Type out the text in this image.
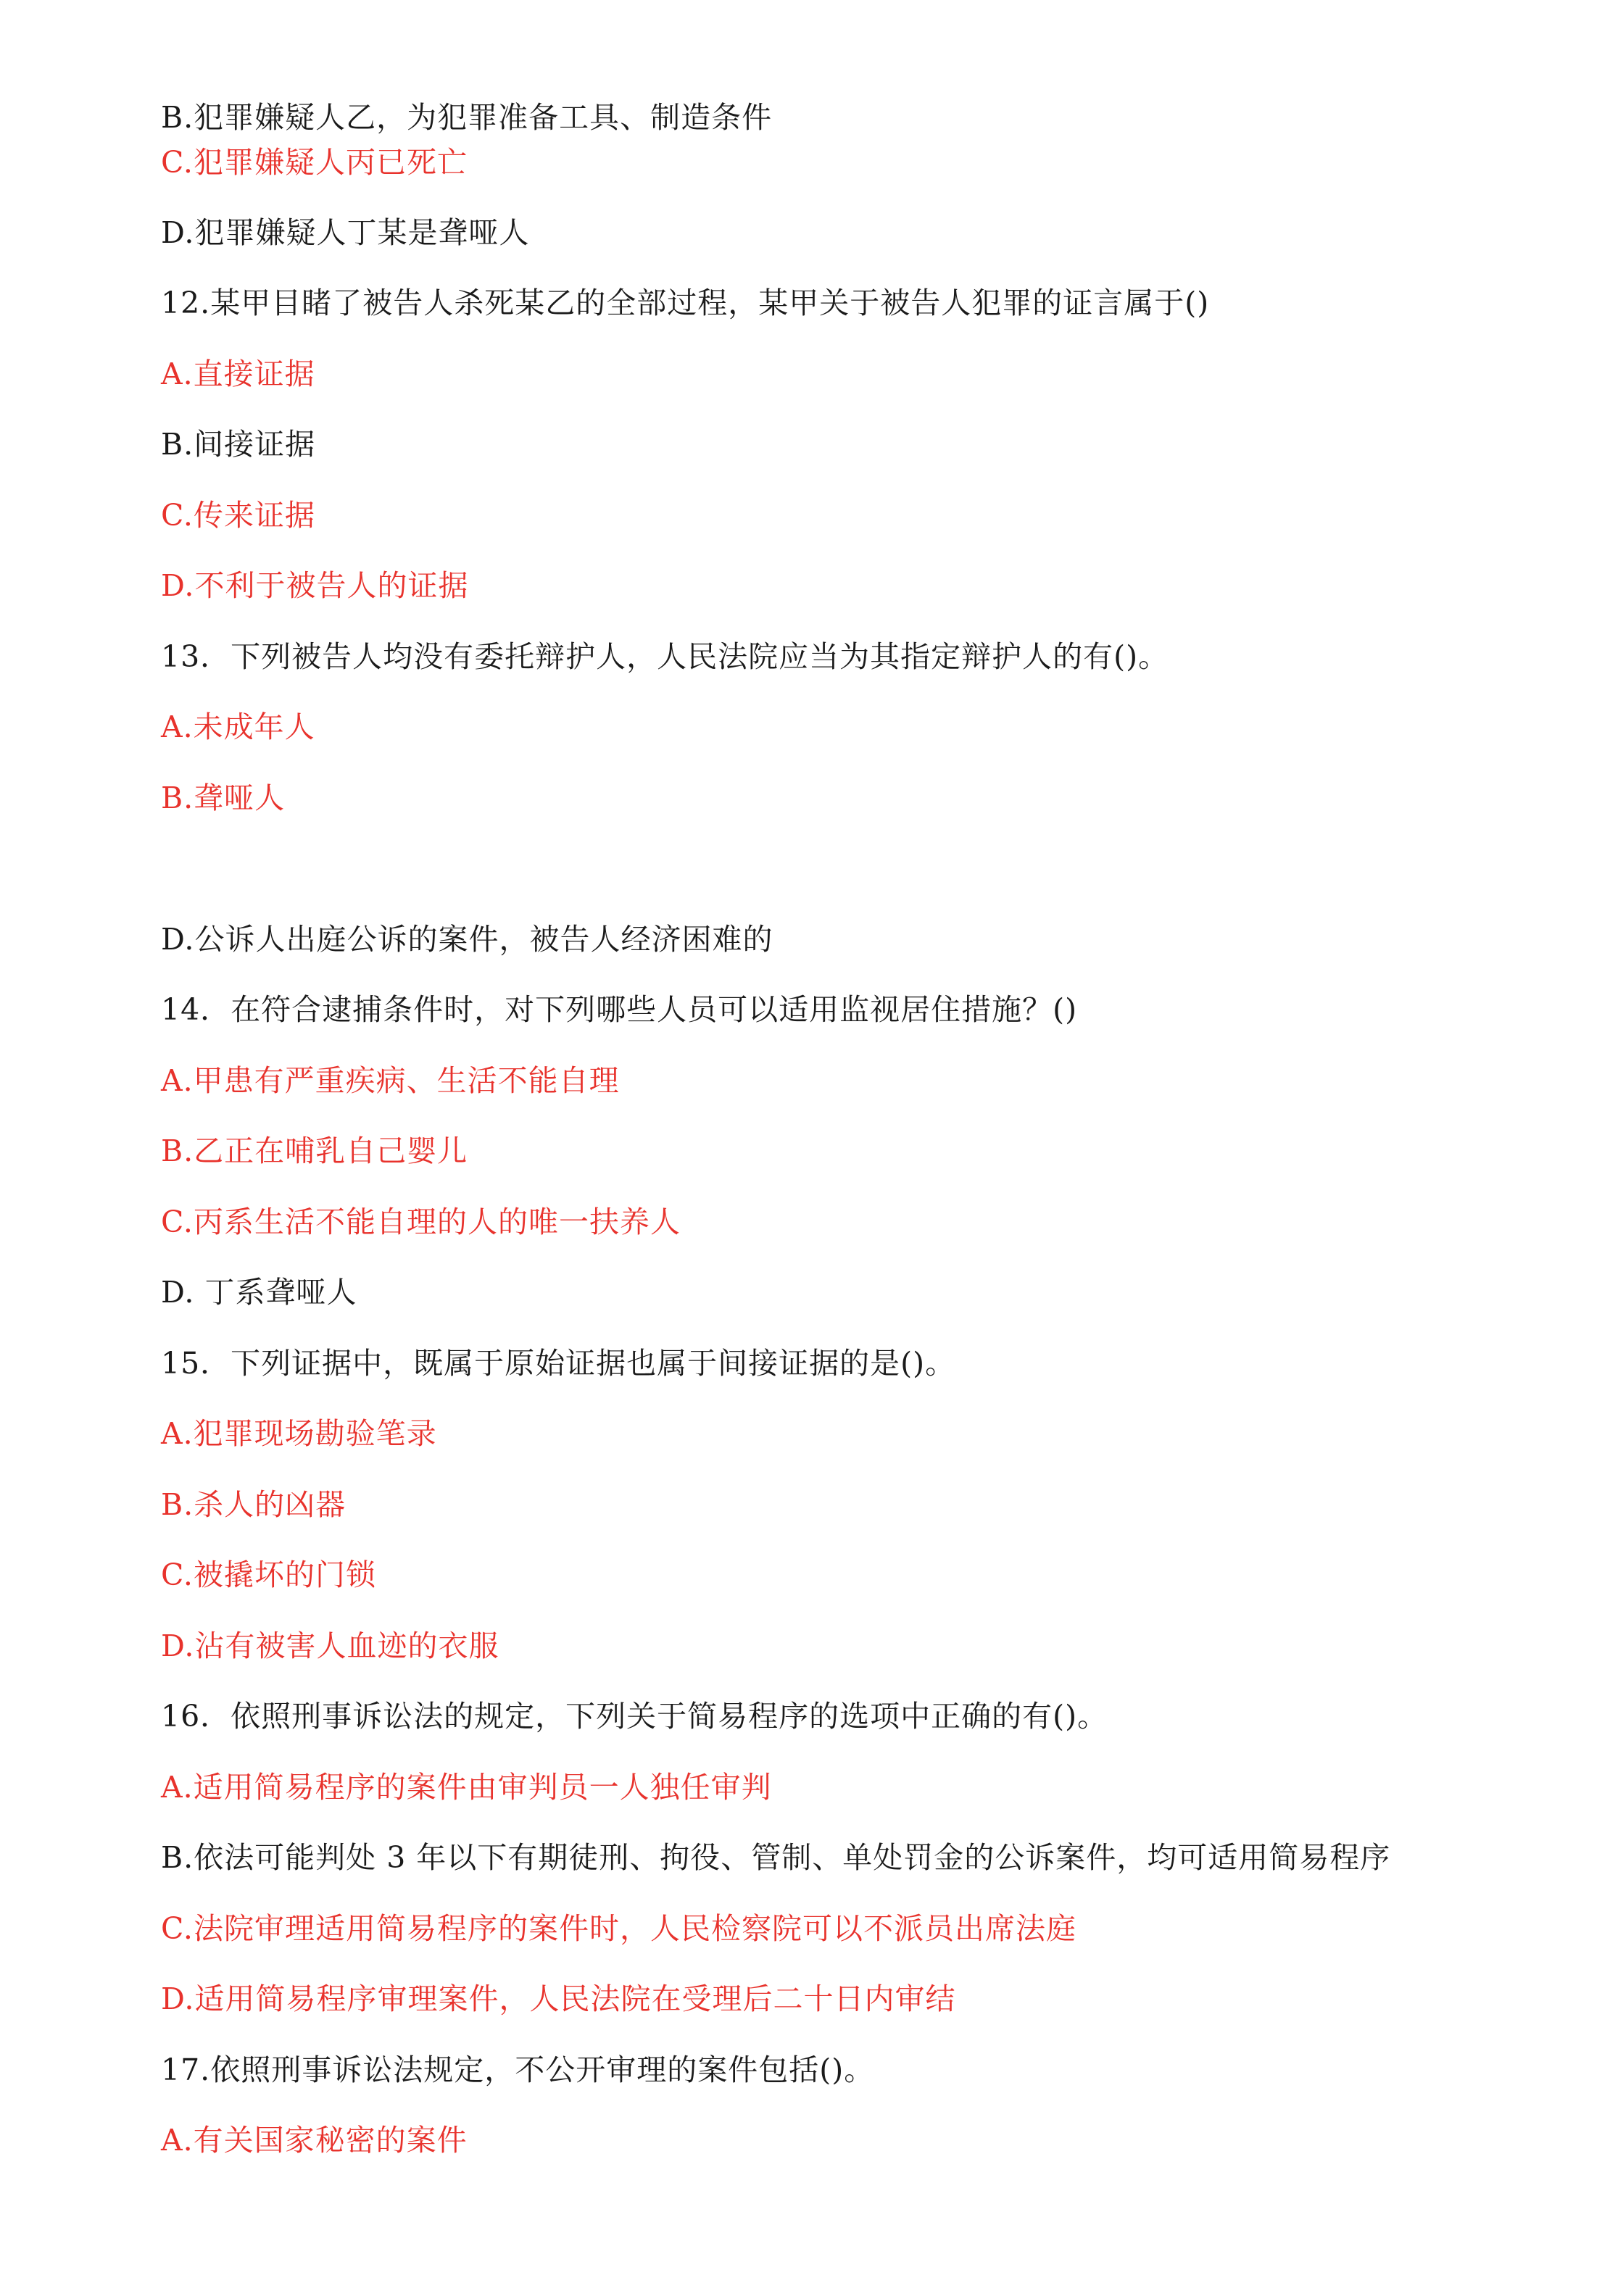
B.犯罪嫌疑人乙，为犯罪准备工具、制造条件
C.犯罪嫌疑人丙已死亡
D.犯罪嫌疑人丁某是聋哑人
12.某甲目睹了被告人杀死某乙的全部过程，某甲关于被告人犯罪的证言属于()
A.直接证据
B.间接证据
C.传来证据
D.不利于被告人的证据
13．下列被告人均没有委托辩护人，人民法院应当为其指定辩护人的有()。
A.未成年人
B.聋哑人
D.公诉人出庭公诉的案件，被告人经济困难的
14．在符合逮捕条件时，对下列哪些人员可以适用监视居住措施？()
A.甲患有严重疾病、生活不能自理
B.乙正在哺乳自己婴儿
C.丙系生活不能自理的人的唯一扶养人
D. 丁系聋哑人
15．下列证据中，既属于原始证据也属于间接证据的是()。
A.犯罪现场勘验笔录
B.杀人的凶器
C.被撬坏的门锁
D.沾有被害人血迹的衣服
16．依照刑事诉讼法的规定，下列关于简易程序的选项中正确的有()。
A.适用简易程序的案件由审判员一人独任审判
B.依法可能判处 3 年以下有期徒刑、拘役、管制、单处罚金的公诉案件，均可适用简易程序
C.法院审理适用简易程序的案件时，人民检察院可以不派员出席法庭
D.适用简易程序审理案件，人民法院在受理后二十日内审结
17.依照刑事诉讼法规定，不公开审理的案件包括()。
A.有关国家秘密的案件
